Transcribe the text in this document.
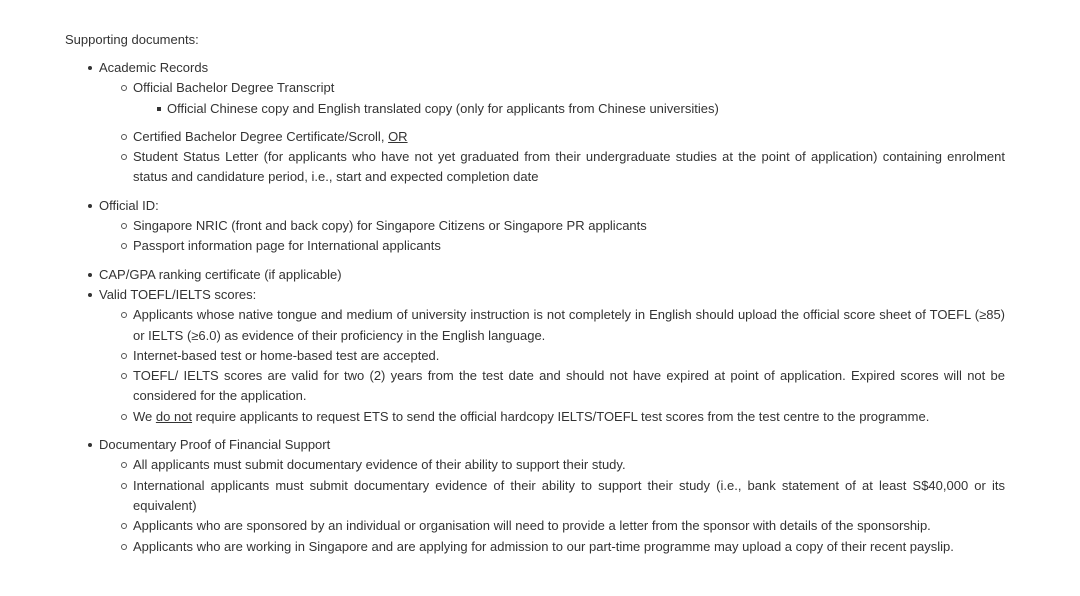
Supporting documents:

Academic Records
Official Bachelor Degree Transcript
Official Chinese copy and English translated copy (only for applicants from Chinese universities)
Certified Bachelor Degree Certificate/Scroll, OR
Student Status Letter (for applicants who have not yet graduated from their undergraduate studies at the point of application) containing enrolment status and candidature period, i.e., start and expected completion date
Official ID:
Singapore NRIC (front and back copy) for Singapore Citizens or Singapore PR applicants
Passport information page for International applicants
CAP/GPA ranking certificate (if applicable)
Valid TOEFL/IELTS scores:
Applicants whose native tongue and medium of university instruction is not completely in English should upload the official score sheet of TOEFL (≥85) or IELTS (≥6.0) as evidence of their proficiency in the English language.
Internet-based test or home-based test are accepted.
TOEFL/ IELTS scores are valid for two (2) years from the test date and should not have expired at point of application. Expired scores will not be considered for the application.
We do not require applicants to request ETS to send the official hardcopy IELTS/TOEFL test scores from the test centre to the programme.
Documentary Proof of Financial Support
All applicants must submit documentary evidence of their ability to support their study.
International applicants must submit documentary evidence of their ability to support their study (i.e., bank statement of at least S$40,000 or its equivalent)
Applicants who are sponsored by an individual or organisation will need to provide a letter from the sponsor with details of the sponsorship.
Applicants who are working in Singapore and are applying for admission to our part-time programme may upload a copy of their recent payslip.
